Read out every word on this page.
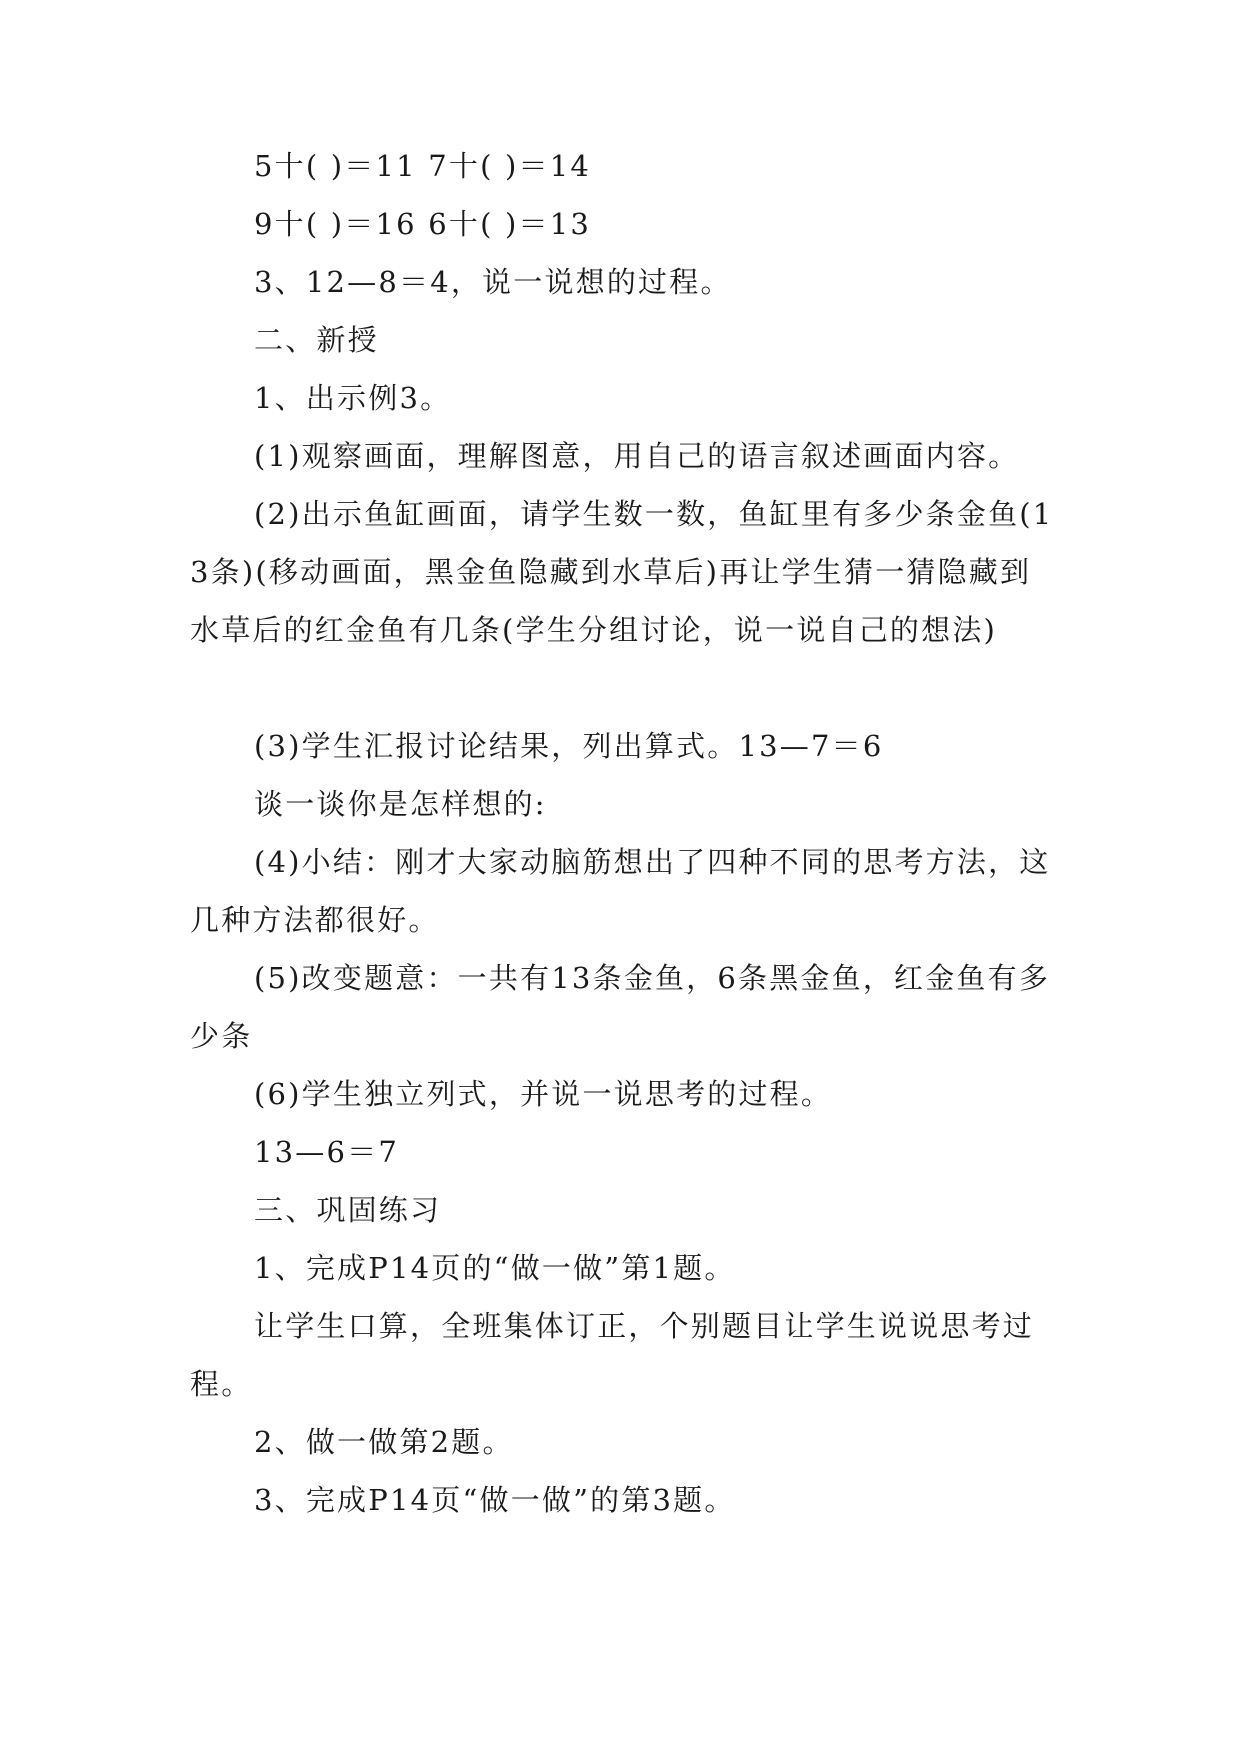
5十( )＝11 7十( )＝14

9十( )＝16 6十( )＝13

3、12—8＝4，说一说想的过程。

二、新授

1、出示例3。

(1)观察画面，理解图意，用自己的语言叙述画面内容。

(2)出示鱼缸画面，请学生数一数，鱼缸里有多少条金鱼(13条)(移动画面，黑金鱼隐藏到水草后)再让学生猜一猜隐藏到水草后的红金鱼有几条(学生分组讨论，说一说自己的想法)

(3)学生汇报讨论结果，列出算式。13—7＝6

谈一谈你是怎样想的:

(4)小结：刚才大家动脑筋想出了四种不同的思考方法，这几种方法都很好。

(5)改变题意：一共有13条金鱼，6条黑金鱼，红金鱼有多少条

(6)学生独立列式，并说一说思考的过程。

13—6＝7

三、巩固练习

1、完成P14页的“做一做”第1题。

让学生口算，全班集体订正，个别题目让学生说说思考过程。

2、做一做第2题。

3、完成P14页“做一做”的第3题。
